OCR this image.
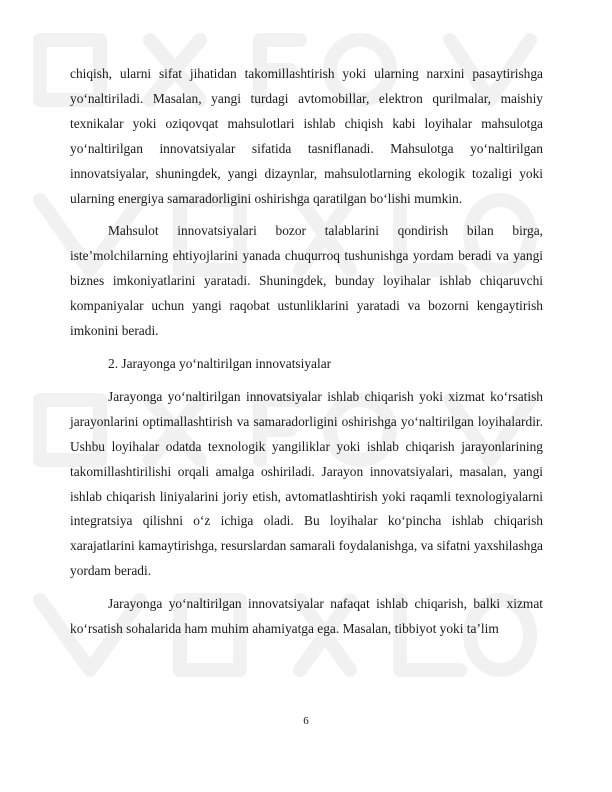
chiqish, ularni sifat jihatidan takomillashtirish yoki ularning narxini pasaytirishga yo‘naltiriladi. Masalan, yangi turdagi avtomobillar, elektron qurilmalar, maishiy texnikalar yoki oziqovqat mahsulotlari ishlab chiqish kabi loyihalar mahsulotga yo‘naltirilgan innovatsiyalar sifatida tasniflanadi. Mahsulotga yo‘naltirilgan innovatsiyalar, shuningdek, yangi dizaynlar, mahsulotlarning ekologik tozaligi yoki ularning energiya samaradorligini oshirishga qaratilgan bo‘lishi mumkin.

Mahsulot innovatsiyalari bozor talablarini qondirish bilan birga, iste’molchilarning ehtiyojlarini yanada chuqurroq tushunishga yordam beradi va yangi biznes imkoniyatlarini yaratadi. Shuningdek, bunday loyihalar ishlab chiqaruvchi kompaniyalar uchun yangi raqobat ustunliklarini yaratadi va bozorni kengaytirish imkonini beradi.

2. Jarayonga yo‘naltirilgan innovatsiyalar

Jarayonga yo‘naltirilgan innovatsiyalar ishlab chiqarish yoki xizmat ko‘rsatish jarayonlarini optimallashtirish va samaradorligini oshirishga yo‘naltirilgan loyihalardir. Ushbu loyihalar odatda texnologik yangiliklar yoki ishlab chiqarish jarayonlarining takomillashtirilishi orqali amalga oshiriladi. Jarayon innovatsiyalari, masalan, yangi ishlab chiqarish liniyalarini joriy etish, avtomatlashtirish yoki raqamli texnologiyalarni integratsiya qilishni o‘z ichiga oladi. Bu loyihalar ko‘pincha ishlab chiqarish xarajatlarini kamaytirishga, resurslardan samarali foydalanishga, va sifatni yaxshilashga yordam beradi.

Jarayonga yo‘naltirilgan innovatsiyalar nafaqat ishlab chiqarish, balki xizmat ko‘rsatish sohalarida ham muhim ahamiyatga ega. Masalan, tibbiyot yoki ta’lim

6
